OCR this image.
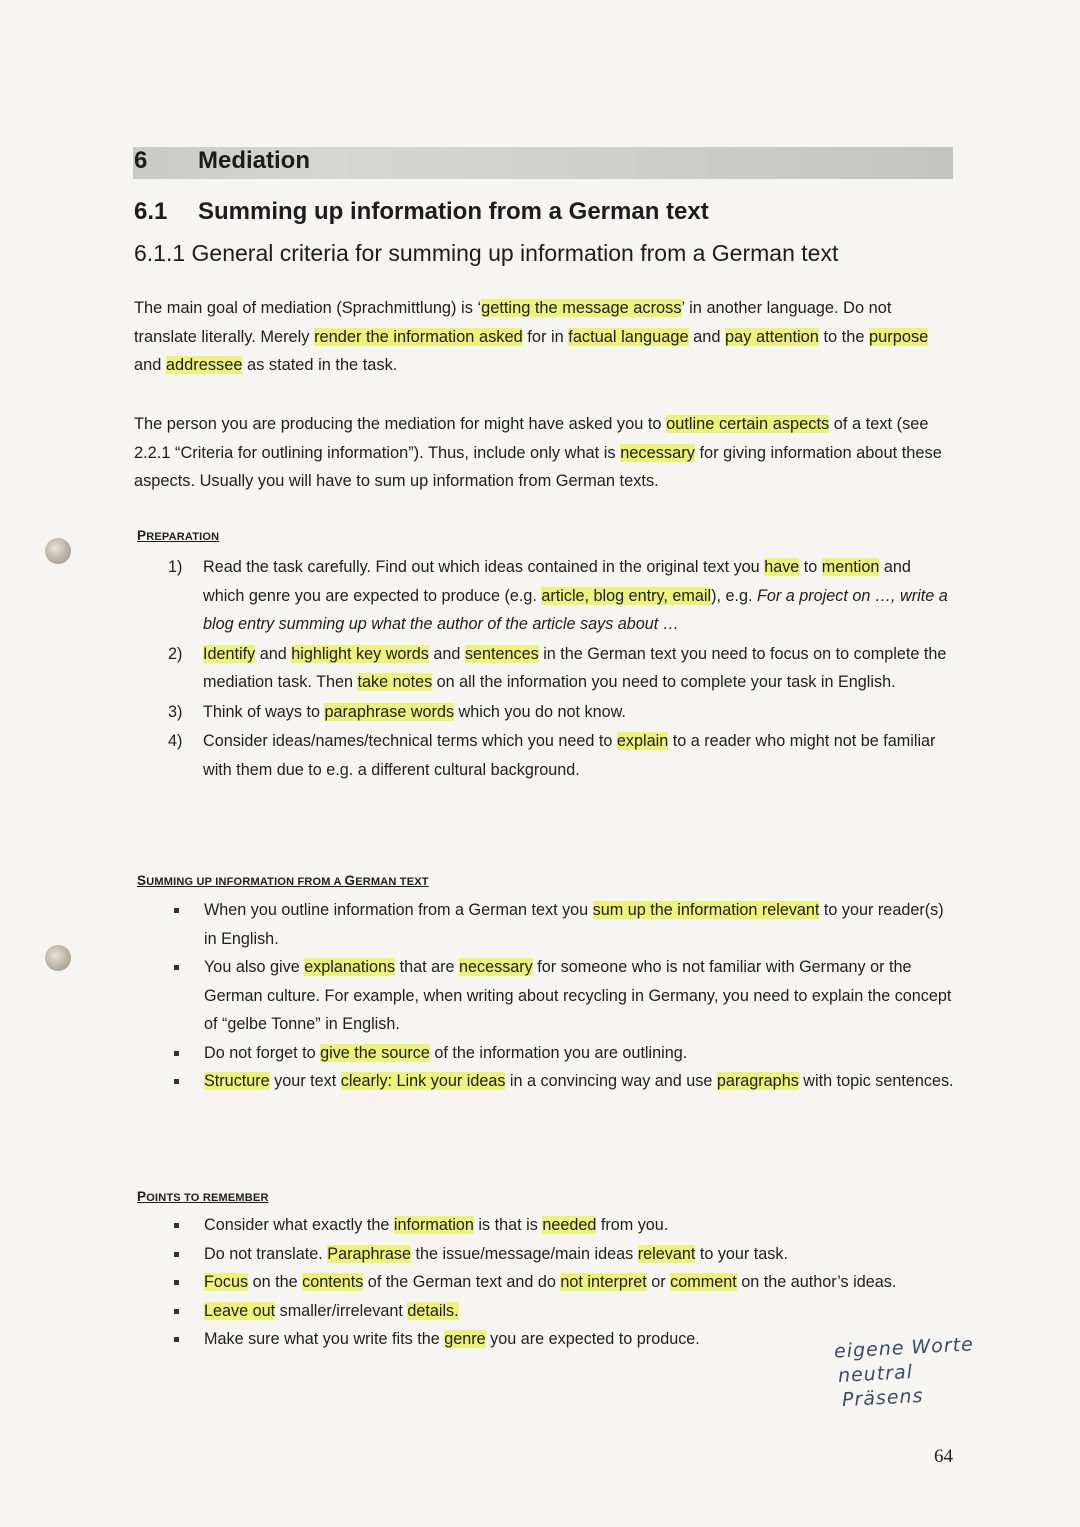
6 Mediation
6.1 Summing up information from a German text
6.1.1 General criteria for summing up information from a German text
The main goal of mediation (Sprachmittlung) is ‘getting the message across’ in another language. Do not translate literally. Merely render the information asked for in factual language and pay attention to the purpose and addressee as stated in the task.
The person you are producing the mediation for might have asked you to outline certain aspects of a text (see 2.2.1 “Criteria for outlining information”). Thus, include only what is necessary for giving information about these aspects. Usually you will have to sum up information from German texts.
PREPARATION
1) Read the task carefully. Find out which ideas contained in the original text you have to mention and which genre you are expected to produce (e.g. article, blog entry, email), e.g. For a project on …, write a blog entry summing up what the author of the article says about …
2) Identify and highlight key words and sentences in the German text you need to focus on to complete the mediation task. Then take notes on all the information you need to complete your task in English.
3) Think of ways to paraphrase words which you do not know.
4) Consider ideas/names/technical terms which you need to explain to a reader who might not be familiar with them due to e.g. a different cultural background.
SUMMING UP INFORMATION FROM A GERMAN TEXT
When you outline information from a German text you sum up the information relevant to your reader(s) in English.
You also give explanations that are necessary for someone who is not familiar with Germany or the German culture. For example, when writing about recycling in Germany, you need to explain the concept of “gelbe Tonne” in English.
Do not forget to give the source of the information you are outlining.
Structure your text clearly: Link your ideas in a convincing way and use paragraphs with topic sentences.
POINTS TO REMEMBER
Consider what exactly the information is that is needed from you.
Do not translate. Paraphrase the issue/message/main ideas relevant to your task.
Focus on the contents of the German text and do not interpret or comment on the author’s ideas.
Leave out smaller/irrelevant details.
Make sure what you write fits the genre you are expected to produce.	eigene Worte
neutral
Präsens
64
